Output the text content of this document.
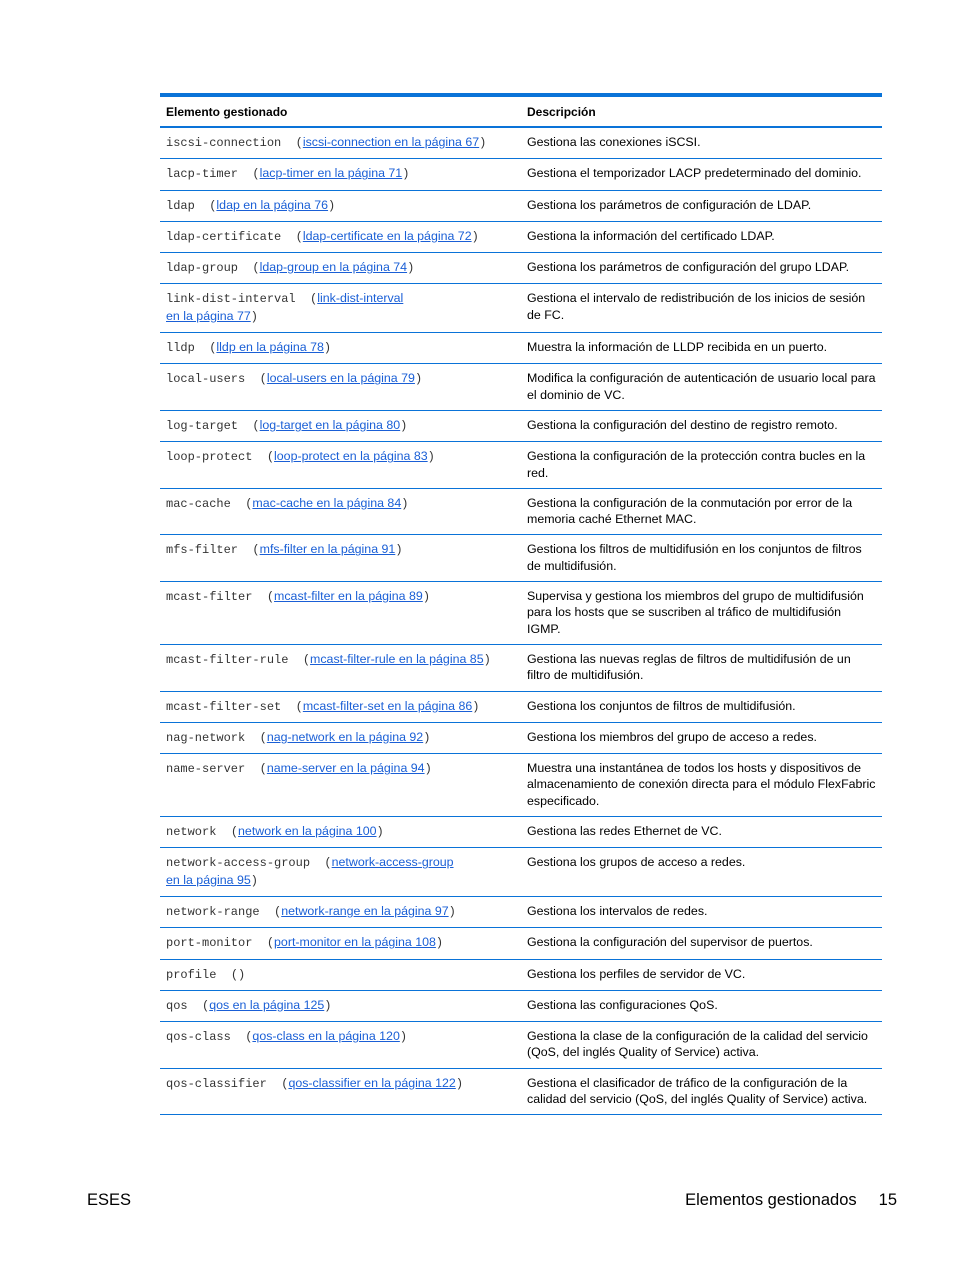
Elemento gestionado	Descripción
iscsi-connection  (iscsi-connection en la página 67)	Gestiona las conexiones iSCSI.
lacp-timer  (lacp-timer en la página 71)	Gestiona el temporizador LACP predeterminado del dominio.
ldap  (ldap en la página 76)	Gestiona los parámetros de configuración de LDAP.
ldap-certificate  (ldap-certificate en la página 72)	Gestiona la información del certificado LDAP.
ldap-group  (ldap-group en la página 74)	Gestiona los parámetros de configuración del grupo LDAP.
link-dist-interval  (link-dist-interval
en la página 77)	Gestiona el intervalo de redistribución de los inicios de sesión de FC.
lldp  (lldp en la página 78)	Muestra la información de LLDP recibida en un puerto.
local-users  (local-users en la página 79)	Modifica la configuración de autenticación de usuario local para el dominio de VC.
log-target  (log-target en la página 80)	Gestiona la configuración del destino de registro remoto.
loop-protect  (loop-protect en la página 83)	Gestiona la configuración de la protección contra bucles en la red.
mac-cache  (mac-cache en la página 84)	Gestiona la configuración de la conmutación por error de la memoria caché Ethernet MAC.
mfs-filter  (mfs-filter en la página 91)	Gestiona los filtros de multidifusión en los conjuntos de filtros de multidifusión.
mcast-filter  (mcast-filter en la página 89)	Supervisa y gestiona los miembros del grupo de multidifusión para los hosts que se suscriben al tráfico de multidifusión IGMP.
mcast-filter-rule  (mcast-filter-rule en la página 85)	Gestiona las nuevas reglas de filtros de multidifusión de un filtro de multidifusión.
mcast-filter-set  (mcast-filter-set en la página 86)	Gestiona los conjuntos de filtros de multidifusión.
nag-network  (nag-network en la página 92)	Gestiona los miembros del grupo de acceso a redes.
name-server  (name-server en la página 94)	Muestra una instantánea de todos los hosts y dispositivos de almacenamiento de conexión directa para el módulo FlexFabric especificado.
network  (network en la página 100)	Gestiona las redes Ethernet de VC.
network-access-group  (network-access-group
en la página 95)	Gestiona los grupos de acceso a redes.
network-range  (network-range en la página 97)	Gestiona los intervalos de redes.
port-monitor  (port-monitor en la página 108)	Gestiona la configuración del supervisor de puertos.
profile  ()	Gestiona los perfiles de servidor de VC.
qos  (qos en la página 125)	Gestiona las configuraciones QoS.
qos-class  (qos-class en la página 120)	Gestiona la clase de la configuración de la calidad del servicio (QoS, del inglés Quality of Service) activa.
qos-classifier  (qos-classifier en la página 122)	Gestiona el clasificador de tráfico de la configuración de la calidad del servicio (QoS, del inglés Quality of Service) activa.
ESES	Elementos gestionados 15
